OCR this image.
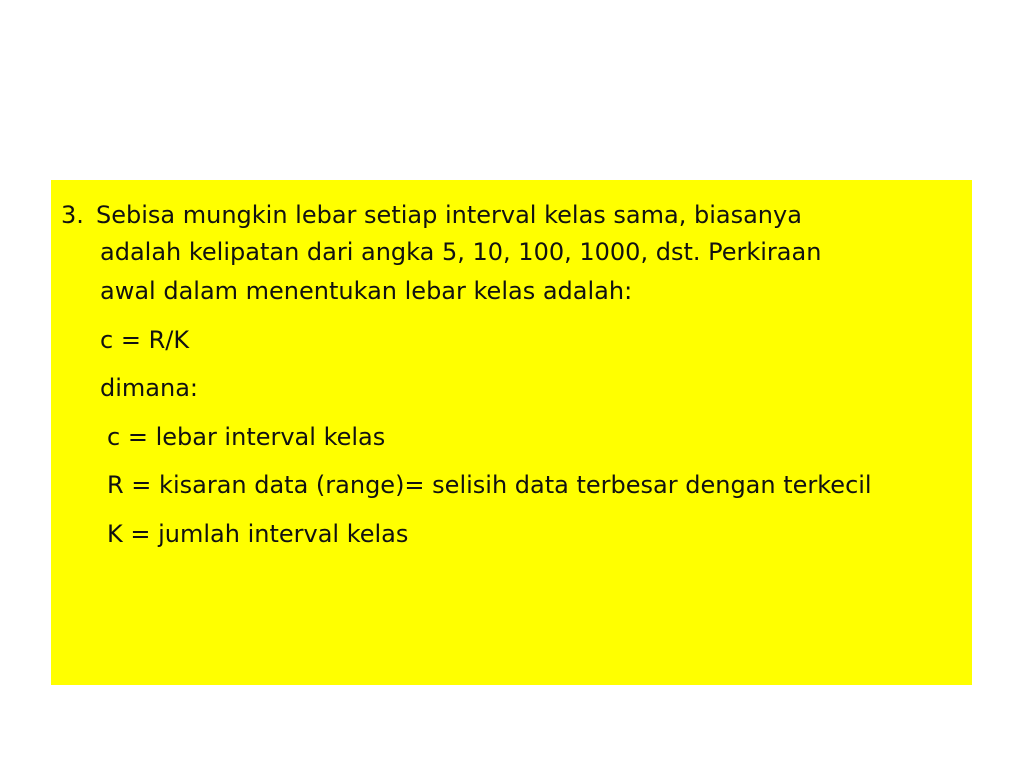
3. Sebisa mungkin lebar setiap interval kelas sama, biasanya
adalah kelipatan dari angka 5, 10, 100, 1000, dst. Perkiraan
awal dalam menentukan lebar kelas adalah:
c = R/K
dimana:
c = lebar interval kelas
R = kisaran data (range)= selisih data terbesar dengan terkecil
K = jumlah interval kelas
